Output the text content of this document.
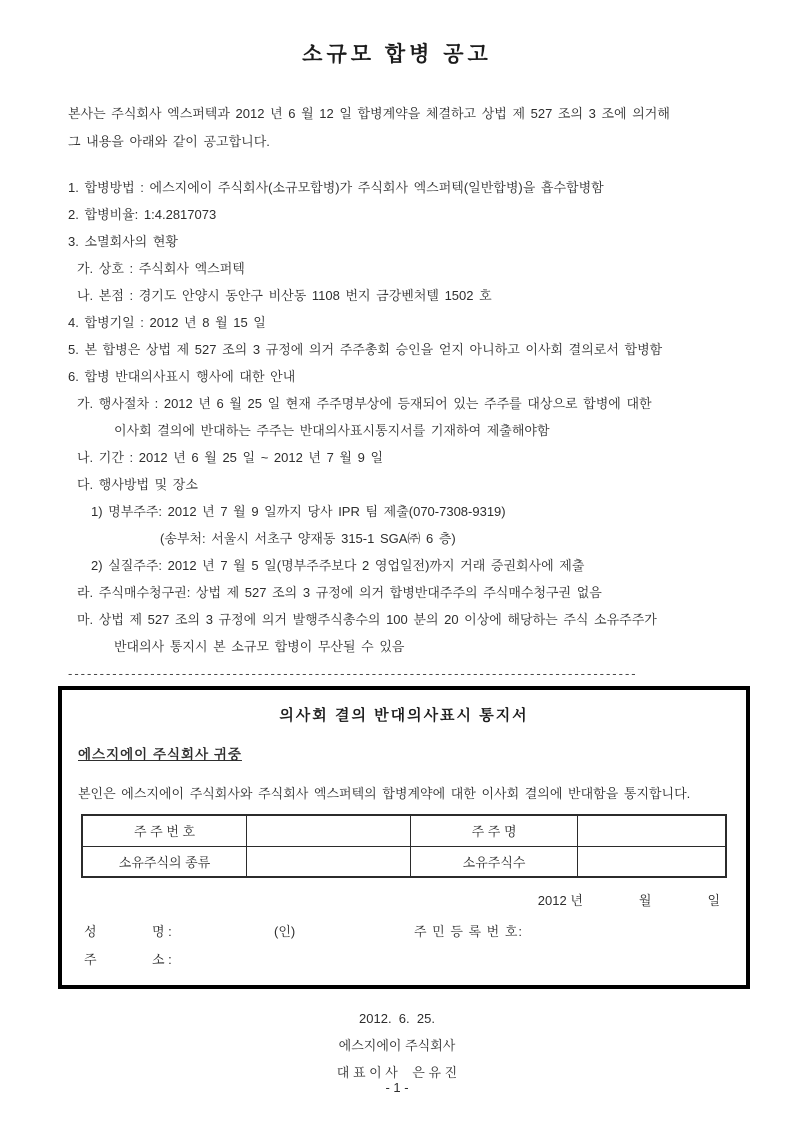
소규모 합병 공고
본사는 주식회사 엑스퍼텍과 2012 년 6 월 12 일 합병계약을 체결하고 상법 제 527 조의 3 조에 의거해
그 내용을 아래와 같이 공고합니다.
1. 합병방법 : 에스지에이 주식회사(소규모합병)가 주식회사 엑스퍼텍(일반합병)을 흡수합병함
2. 합병비율: 1:4.2817073
3. 소멸회사의 현황
가. 상호 : 주식회사 엑스퍼텍
나. 본점 : 경기도 안양시 동안구 비산동 1108 번지 금강벤처텔 1502 호
4. 합병기일 : 2012 년 8 월 15 일
5. 본 합병은 상법 제 527 조의 3 규정에 의거 주주총회 승인을 얻지 아니하고 이사회 결의로서 합병함
6. 합병 반대의사표시 행사에 대한 안내
가. 행사절차 : 2012 년 6 월 25 일 현재 주주명부상에 등재되어 있는 주주를 대상으로 합병에 대한
이사회 결의에 반대하는 주주는 반대의사표시통지서를 기재하여 제출해야함
나. 기간 : 2012 년 6 월 25 일 ~ 2012 년 7 월 9 일
다. 행사방법 및 장소
1) 명부주주: 2012 년 7 월 9 일까지 당사 IPR 팀 제출(070-7308-9319)
(송부처: 서울시 서초구 양재동 315-1 SGA㈜ 6 층)
2) 실질주주: 2012 년 7 월 5 일(명부주주보다 2 영업일전)까지 거래 증권회사에 제출
라. 주식매수청구권: 상법 제 527 조의 3 규정에 의거 합병반대주주의 주식매수청구권 없음
마. 상법 제 527 조의 3 규정에 의거 발행주식총수의 100 분의 20 이상에 해당하는 주식 소유주주가
반대의사 통지시 본 소규모 합병이 무산될 수 있음
------------------------------------------------------------------------------------------
의사회 결의 반대의사표시 통지서
에스지에이 주식회사 귀중
본인은 에스지에이 주식회사와 주식회사 엑스퍼텍의 합병계약에 대한 이사회 결의에 반대함을 통지합니다.
주 주 번 호		주 주 명	
소유주식의 종류		소유주식수	
2012 년	월	일
성	명 :	(인)	주 민 등 록 번 호:
주	소 :
2012.  6.  25.
에스지에이 주식회사
대 표 이 사    은 유 진
- 1 -
